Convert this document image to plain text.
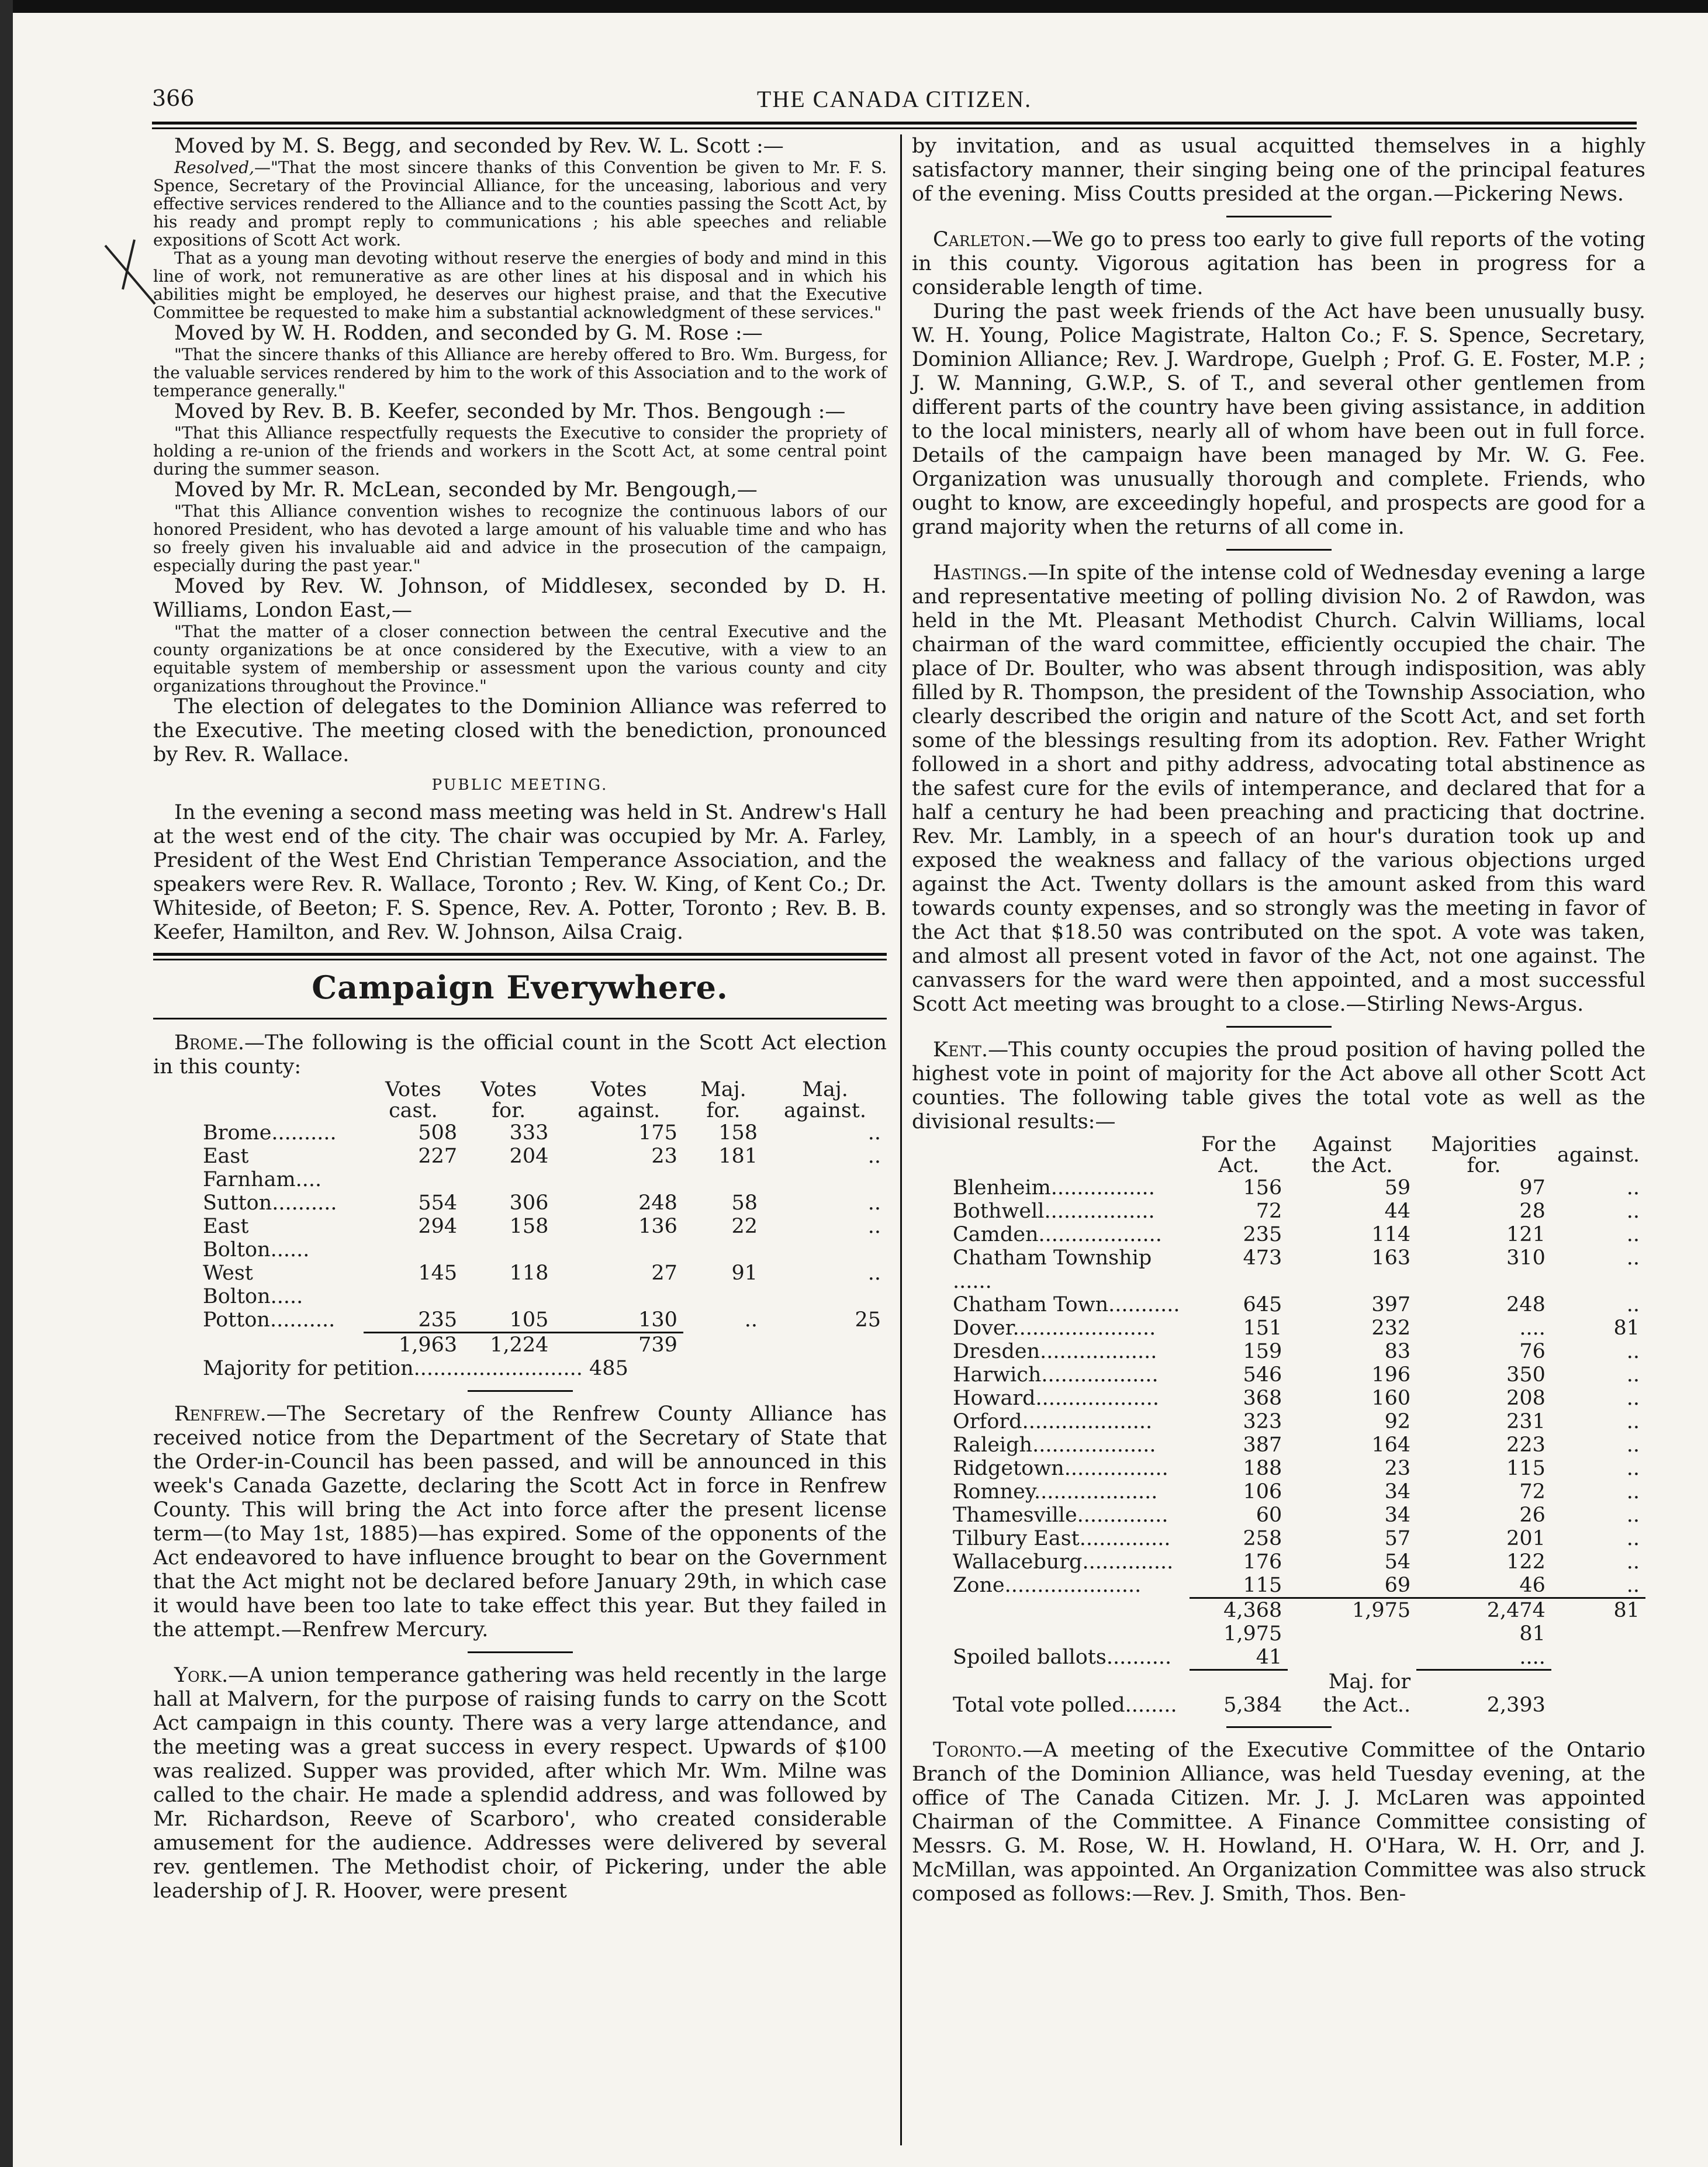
366	THE CANADA CITIZEN.

Moved by M. S. Begg, and seconded by Rev. W. L. Scott :—

Resolved,—"That the most sincere thanks of this Convention be given to Mr. F. S. Spence, Secretary of the Provincial Alliance, for the unceasing, laborious and very effective services rendered to the Alliance and to the counties passing the Scott Act, by his ready and prompt reply to communications ; his able speeches and reliable expositions of Scott Act work.

That as a young man devoting without reserve the energies of body and mind in this line of work, not remunerative as are other lines at his disposal and in which his abilities might be employed, he deserves our highest praise, and that the Executive Committee be requested to make him a substantial acknowledgment of these services."

Moved by W. H. Rodden, and seconded by G. M. Rose :—

"That the sincere thanks of this Alliance are hereby offered to Bro. Wm. Burgess, for the valuable services rendered by him to the work of this Association and to the work of temperance generally."

Moved by Rev. B. B. Keefer, seconded by Mr. Thos. Bengough :—

"That this Alliance respectfully requests the Executive to consider the propriety of holding a re-union of the friends and workers in the Scott Act, at some central point during the summer season.

Moved by Mr. R. McLean, seconded by Mr. Bengough,—

"That this Alliance convention wishes to recognize the continuous labors of our honored President, who has devoted a large amount of his valuable time and who has so freely given his invaluable aid and advice in the prosecution of the campaign, especially during the past year."

Moved by Rev. W. Johnson, of Middlesex, seconded by D. H. Williams, London East,—

"That the matter of a closer connection between the central Executive and the county organizations be at once considered by the Executive, with a view to an equitable system of membership or assessment upon the various county and city organizations throughout the Province."

The election of delegates to the Dominion Alliance was referred to the Executive. The meeting closed with the benediction, pronounced by Rev. R. Wallace.

PUBLIC MEETING.

In the evening a second mass meeting was held in St. Andrew's Hall at the west end of the city. The chair was occupied by Mr. A. Farley, President of the West End Christian Temperance Association, and the speakers were Rev. R. Wallace, Toronto ; Rev. W. King, of Kent Co.; Dr. Whiteside, of Beeton; F. S. Spence, Rev. A. Potter, Toronto ; Rev. B. B. Keefer, Hamilton, and Rev. W. Johnson, Ailsa Craig.

Campaign Everywhere.

Brome.—The following is the official count in the Scott Act election in this county:

	Votes cast.	Votes for.	Votes against.	Maj. for.	Maj. against.
Brome..........	508	333	175	158	..
East Farnham....	227	204	23	181	..
Sutton..........	554	306	248	58	..
East Bolton......	294	158	136	22	..
West Bolton.....	145	118	27	91	..
Potton..........	235	105	130	..	25
	1,963	1,224	739		

Majority for petition.......................... 485

Renfrew.—The Secretary of the Renfrew County Alliance has received notice from the Department of the Secretary of State that the Order-in-Council has been passed, and will be announced in this week's Canada Gazette, declaring the Scott Act in force in Renfrew County. This will bring the Act into force after the present license term—(to May 1st, 1885)—has expired. Some of the opponents of the Act endeavored to have influence brought to bear on the Government that the Act might not be declared before January 29th, in which case it would have been too late to take effect this year. But they failed in the attempt.—Renfrew Mercury.

York.—A union temperance gathering was held recently in the large hall at Malvern, for the purpose of raising funds to carry on the Scott Act campaign in this county. There was a very large attendance, and the meeting was a great success in every respect. Upwards of $100 was realized. Supper was provided, after which Mr. Wm. Milne was called to the chair. He made a splendid address, and was followed by Mr. Richardson, Reeve of Scarboro', who created considerable amusement for the audience. Addresses were delivered by several rev. gentlemen. The Methodist choir, of Pickering, under the able leadership of J. R. Hoover, were present

by invitation, and as usual acquitted themselves in a highly satisfactory manner, their singing being one of the principal features of the evening. Miss Coutts presided at the organ.—Pickering News.

Carleton.—We go to press too early to give full reports of the voting in this county. Vigorous agitation has been in progress for a considerable length of time.

During the past week friends of the Act have been unusually busy. W. H. Young, Police Magistrate, Halton Co.; F. S. Spence, Secretary, Dominion Alliance; Rev. J. Wardrope, Guelph ; Prof. G. E. Foster, M.P. ; J. W. Manning, G.W.P., S. of T., and several other gentlemen from different parts of the country have been giving assistance, in addition to the local ministers, nearly all of whom have been out in full force. Details of the campaign have been managed by Mr. W. G. Fee. Organization was unusually thorough and complete. Friends, who ought to know, are exceedingly hopeful, and prospects are good for a grand majority when the returns of all come in.

Hastings.—In spite of the intense cold of Wednesday evening a large and representative meeting of polling division No. 2 of Rawdon, was held in the Mt. Pleasant Methodist Church. Calvin Williams, local chairman of the ward committee, efficiently occupied the chair. The place of Dr. Boulter, who was absent through indisposition, was ably filled by R. Thompson, the president of the Township Association, who clearly described the origin and nature of the Scott Act, and set forth some of the blessings resulting from its adoption. Rev. Father Wright followed in a short and pithy address, advocating total abstinence as the safest cure for the evils of intemperance, and declared that for a half a century he had been preaching and practicing that doctrine. Rev. Mr. Lambly, in a speech of an hour's duration took up and exposed the weakness and fallacy of the various objections urged against the Act. Twenty dollars is the amount asked from this ward towards county expenses, and so strongly was the meeting in favor of the Act that $18.50 was contributed on the spot. A vote was taken, and almost all present voted in favor of the Act, not one against. The canvassers for the ward were then appointed, and a most successful Scott Act meeting was brought to a close.—Stirling News-Argus.

Kent.—This county occupies the proud position of having polled the highest vote in point of majority for the Act above all other Scott Act counties. The following table gives the total vote as well as the divisional results:—

	For the Act.	Against the Act.	Majorities for.	against.
Blenheim................	156	59	97	..
Bothwell.................	72	44	28	..
Camden...................	235	114	121	..
Chatham Township ......	473	163	310	..
Chatham Town...........	645	397	248	..
Dover......................	151	232	....	81
Dresden..................	159	83	76	..
Harwich..................	546	196	350	..
Howard...................	368	160	208	..
Orford....................	323	92	231	..
Raleigh...................	387	164	223	..
Ridgetown................	188	23	115	..
Romney...................	106	34	72	..
Thamesville..............	60	34	26	..
Tilbury East..............	258	57	201	..
Wallaceburg..............	176	54	122	..
Zone.....................	115	69	46	..
	4,368	1,975	2,474	81
	1,975		81	
Spoiled ballots..........	41		....	
		Maj. for		
Total vote polled........	5,384	the Act..	2,393	

Toronto.—A meeting of the Executive Committee of the Ontario Branch of the Dominion Alliance, was held Tuesday evening, at the office of The Canada Citizen. Mr. J. J. McLaren was appointed Chairman of the Committee. A Finance Committee consisting of Messrs. G. M. Rose, W. H. Howland, H. O'Hara, W. H. Orr, and J. McMillan, was appointed. An Organization Committee was also struck composed as follows:—Rev. J. Smith, Thos. Ben-
